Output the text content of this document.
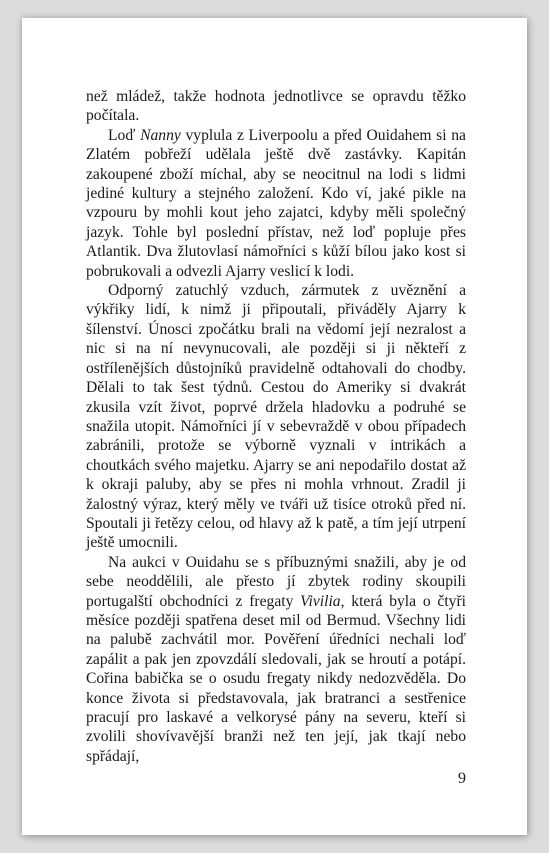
než mládež, takže hodnota jednotlivce se opravdu těžko počítala.

Loď Nanny vyplula z Liverpoolu a před Ouidahem si na Zlatém pobřeží udělala ještě dvě zastávky. Kapitán zakoupené zboží míchal, aby se neocitnul na lodi s lidmi jediné kultury a stejného založení. Kdo ví, jaké pikle na vzpouru by mohli kout jeho zajatci, kdyby měli společný jazyk. Tohle byl poslední přístav, než loď popluje přes Atlantik. Dva žlutovlasí námořníci s kůží bílou jako kost si pobrukovali a odvezli Ajarry veslicí k lodi.

Odporný zatuchlý vzduch, zármutek z uvěznění a výkřiky lidí, k nimž ji připoutali, přiváděly Ajarry k šílenství. Únosci zpočátku brali na vědomí její nezralost a nic si na ní nevynucovali, ale později si ji někteří z ostřílenějších důstojníků pravidelně odtahovali do chodby. Dělali to tak šest týdnů. Cestou do Ameriky si dvakrát zkusila vzít život, poprvé držela hladovku a podruhé se snažila utopit. Námořníci jí v sebevraždě v obou případech zabránili, protože se výborně vyznali v intrikách a choutkách svého majetku. Ajarry se ani nepodařilo dostat až k okraji paluby, aby se přes ni mohla vrhnout. Zradil ji žalostný výraz, který měly ve tváři už tisíce otroků před ní. Spoutali ji řetězy celou, od hlavy až k patě, a tím její utrpení ještě umocnili.

Na aukci v Ouidahu se s příbuznými snažili, aby je od sebe neoddělili, ale přesto jí zbytek rodiny skoupili portugalští obchodníci z fregaty Vivilia, která byla o čtyři měsíce později spatřena deset mil od Bermud. Všechny lidi na palubě zachvátil mor. Pověření úředníci nechali loď zapálit a pak jen zpovzdálí sledovali, jak se hroutí a potápí. Cořina babička se o osudu fregaty nikdy nedozvěděla. Do konce života si představovala, jak bratranci a sestřenice pracují pro laskavé a velkorysé pány na severu, kteří si zvolili shovívavější branži než ten její, jak tkají nebo spřádají,

9
